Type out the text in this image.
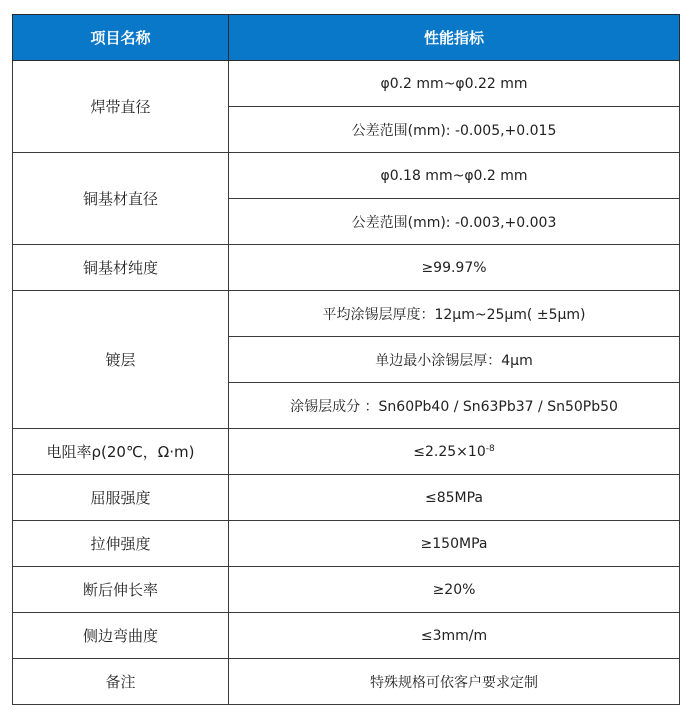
项目名称	性能指标
焊带直径	φ0.2 mm~φ0.22 mm
	公差范围(mm): -0.005,+0.015
铜基材直径	φ0.18 mm~φ0.2 mm
	公差范围(mm): -0.003,+0.003
铜基材纯度	≥99.97%
镀层	平均涂锡层厚度：12μm~25μm( ±5μm)
	单边最小涂锡层厚：4μm
	涂锡层成分 ：Sn60Pb40 / Sn63Pb37 / Sn50Pb50
电阻率ρ(20℃，Ω·m)	$\le 2.25\times 10^{-8}$
屈服强度	≤85MPa
拉伸强度	≥150MPa
断后伸长率	≥20%
侧边弯曲度	≤3mm/m
备注	特殊规格可依客户要求定制
